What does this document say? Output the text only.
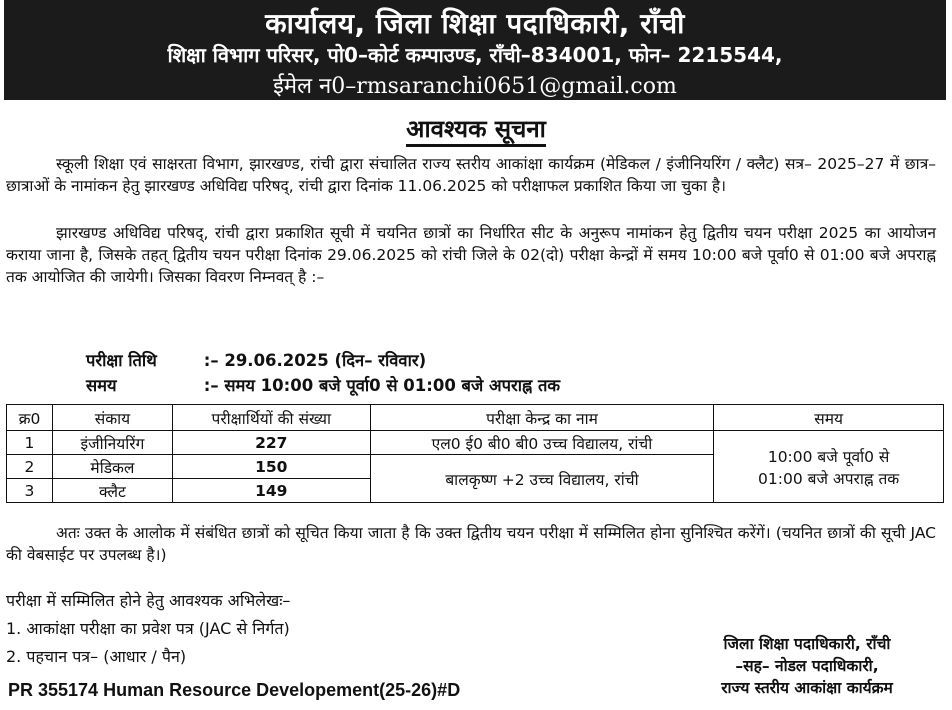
कार्यालय, जिला शिक्षा पदाधिकारी, राँची
शिक्षा विभाग परिसर, पो0–कोर्ट कम्पाउण्ड, राँची–834001, फोन– 2215544,
ईमेल न0–rmsaranchi0651@gmail.com
आवश्यक सूचना
स्कूली शिक्षा एवं साक्षरता विभाग, झारखण्ड, रांची द्वारा संचालित राज्य स्तरीय आकांक्षा कार्यक्रम (मेडिकल / इंजीनियरिंग / क्लैट) सत्र– 2025–27 में छात्र–छात्राओं के नामांकन हेतु झारखण्ड अधिविद्य परिषद्, रांची द्वारा दिनांक 11.06.2025 को परीक्षाफल प्रकाशित किया जा चुका है।
झारखण्ड अधिविद्य परिषद्, रांची द्वारा प्रकाशित सूची में चयनित छात्रों का निर्धारित सीट के अनुरूप नामांकन हेतु द्वितीय चयन परीक्षा 2025 का आयोजन कराया जाना है, जिसके तहत् द्वितीय चयन परीक्षा दिनांक 29.06.2025 को रांची जिले के 02(दो) परीक्षा केन्द्रों में समय 10:00 बजे पूर्वा0 से 01:00 बजे अपराह्न तक आयोजित की जायेगी। जिसका विवरण निम्नवत् है :–
परीक्षा तिथि	:– 29.06.2025 (दिन– रविवार)
समय	:– समय 10:00 बजे पूर्वा0 से 01:00 बजे अपराह्न तक
क्र0	संकाय	परीक्षार्थियों की संख्या	परीक्षा केन्द्र का नाम	समय
1	इंजीनियरिंग	227	एल0 ई0 बी0 बी0 उच्च विद्यालय, रांची	10:00 बजे पूर्वा0 से
01:00 बजे अपराह्न तक

2	मेडिकल	150	बालकृष्ण +2 उच्च विद्यालय, रांची	
3	क्लैट	149		
अतः उक्त के आलोक में संबंधित छात्रों को सूचित किया जाता है कि उक्त द्वितीय चयन परीक्षा में सम्मिलित होना सुनिश्चित करेंगें। (चयनित छात्रों की सूची JAC की वेबसाईट पर उपलब्ध है।)
परीक्षा में सम्मिलित होने हेतु आवश्यक अभिलेखः–
1. आकांक्षा परीक्षा का प्रवेश पत्र (JAC से निर्गत)
2. पहचान पत्र– (आधार / पैन)
जिला शिक्षा पदाधिकारी, राँची
–सह– नोडल पदाधिकारी,
राज्य स्तरीय आकांक्षा कार्यक्रम
PR 355174 Human Resource Developement(25-26)#D
